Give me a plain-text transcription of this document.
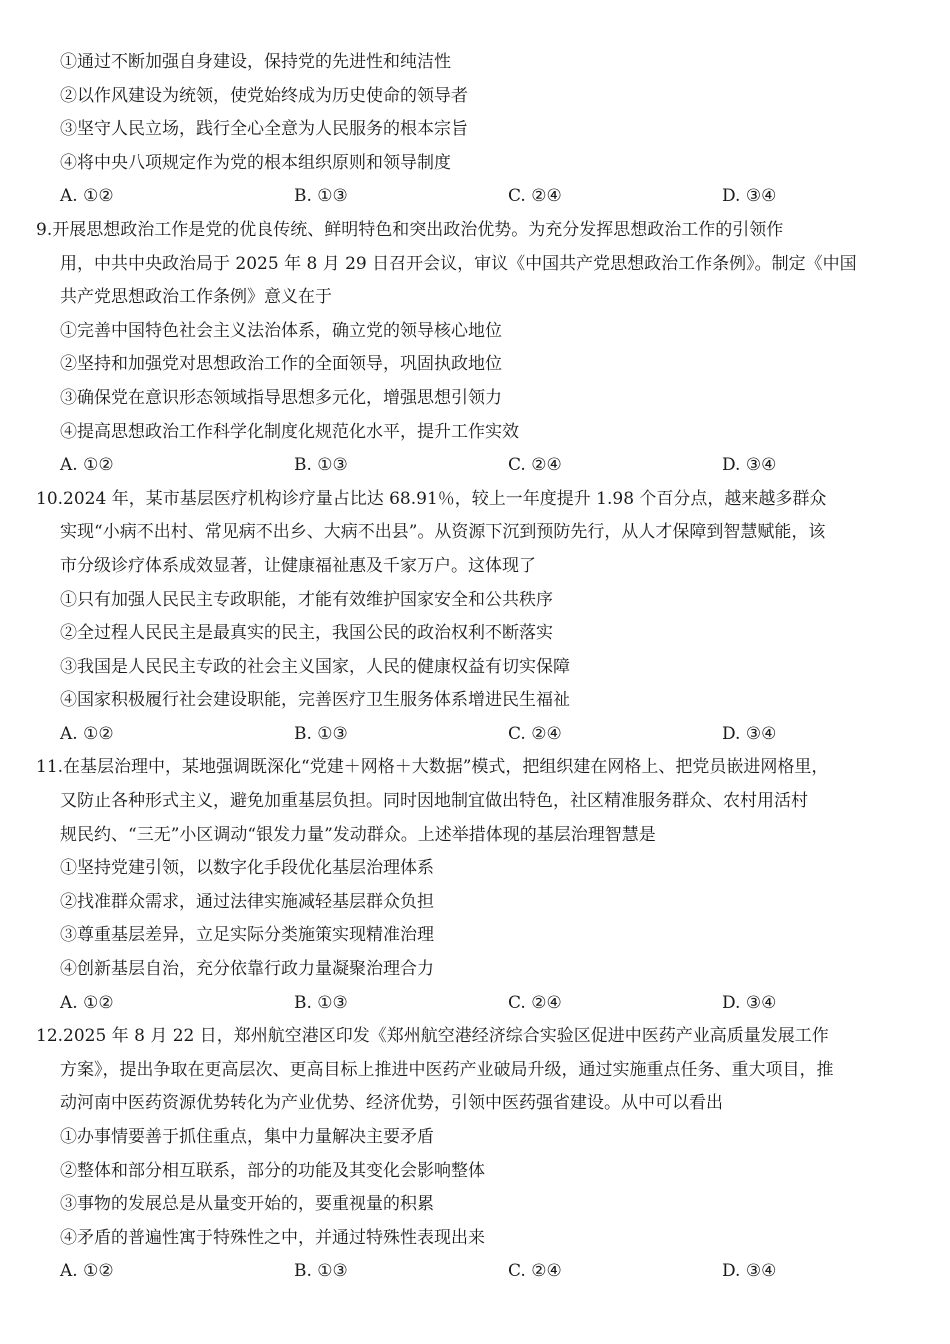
①通过不断加强自身建设，保持党的先进性和纯洁性
②以作风建设为统领，使党始终成为历史使命的领导者
③坚守人民立场，践行全心全意为人民服务的根本宗旨
④将中央八项规定作为党的根本组织原则和领导制度
A. ①②	B. ①③	C. ②④	D. ③④
9.开展思想政治工作是党的优良传统、鲜明特色和突出政治优势。为充分发挥思想政治工作的引领作
用，中共中央政治局于 2025 年 8 月 29 日召开会议，审议《中国共产党思想政治工作条例》。制定《中国
共产党思想政治工作条例》意义在于
①完善中国特色社会主义法治体系，确立党的领导核心地位
②坚持和加强党对思想政治工作的全面领导，巩固执政地位
③确保党在意识形态领域指导思想多元化，增强思想引领力
④提高思想政治工作科学化制度化规范化水平，提升工作实效
A. ①②	B. ①③	C. ②④	D. ③④
10.2024 年，某市基层医疗机构诊疗量占比达 68.91％，较上一年度提升 1.98 个百分点，越来越多群众
实现“小病不出村、常见病不出乡、大病不出县”。从资源下沉到预防先行，从人才保障到智慧赋能，该
市分级诊疗体系成效显著，让健康福祉惠及千家万户。这体现了
①只有加强人民民主专政职能，才能有效维护国家安全和公共秩序
②全过程人民民主是最真实的民主，我国公民的政治权利不断落实
③我国是人民民主专政的社会主义国家，人民的健康权益有切实保障
④国家积极履行社会建设职能，完善医疗卫生服务体系增进民生福祉
A. ①②	B. ①③	C. ②④	D. ③④
11.在基层治理中，某地强调既深化“党建＋网格＋大数据”模式，把组织建在网格上、把党员嵌进网格里，
又防止各种形式主义，避免加重基层负担。同时因地制宜做出特色，社区精准服务群众、农村用活村
规民约、“三无”小区调动“银发力量”发动群众。上述举措体现的基层治理智慧是
①坚持党建引领，以数字化手段优化基层治理体系
②找准群众需求，通过法律实施减轻基层群众负担
③尊重基层差异，立足实际分类施策实现精准治理
④创新基层自治，充分依靠行政力量凝聚治理合力
A. ①②	B. ①③	C. ②④	D. ③④
12.2025 年 8 月 22 日，郑州航空港区印发《郑州航空港经济综合实验区促进中医药产业高质量发展工作
方案》，提出争取在更高层次、更高目标上推进中医药产业破局升级，通过实施重点任务、重大项目，推
动河南中医药资源优势转化为产业优势、经济优势，引领中医药强省建设。从中可以看出
①办事情要善于抓住重点，集中力量解决主要矛盾
②整体和部分相互联系，部分的功能及其变化会影响整体
③事物的发展总是从量变开始的，要重视量的积累
④矛盾的普遍性寓于特殊性之中，并通过特殊性表现出来
A. ①②	B. ①③	C. ②④	D. ③④
